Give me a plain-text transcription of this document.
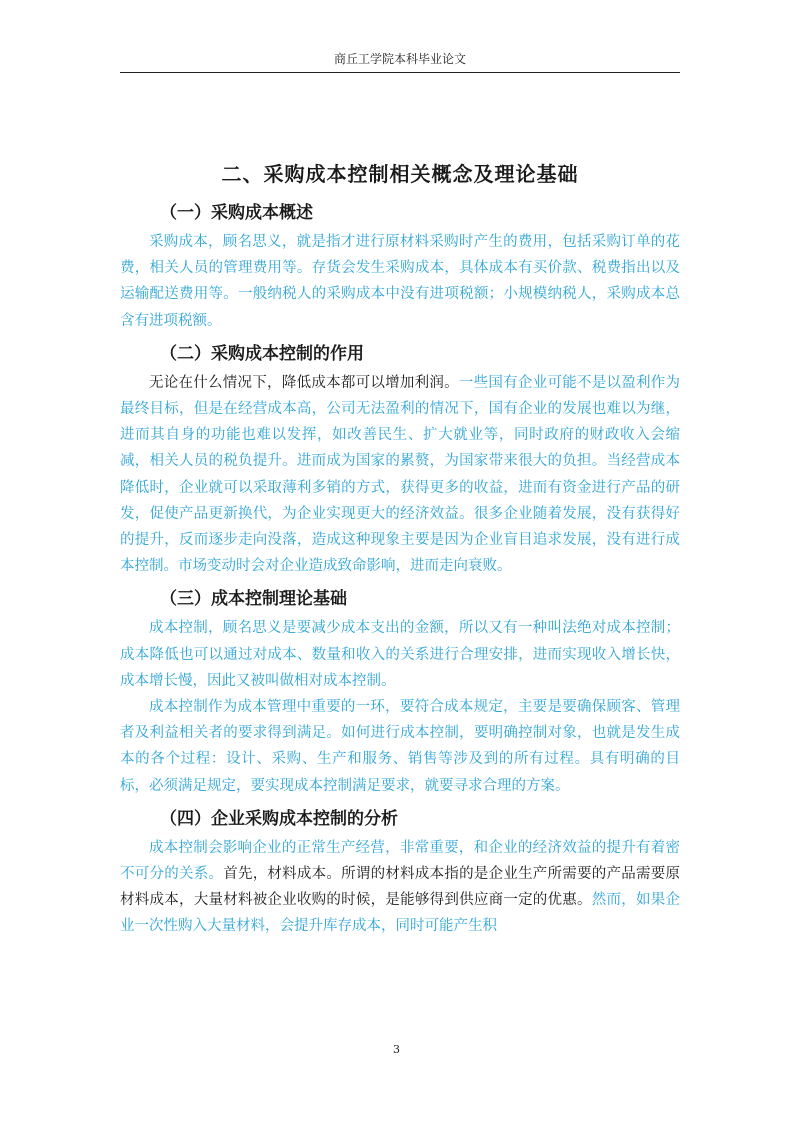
商丘工学院本科毕业论文
二、采购成本控制相关概念及理论基础
（一）采购成本概述

采购成本，顾名思义，就是指才进行原材料采购时产生的费用，包括采购订单的花费，相关人员的管理费用等。存货会发生采购成本，具体成本有买价款、税费指出以及运输配送费用等。一般纳税人的采购成本中没有进项税额；小规模纳税人，采购成本总含有进项税额。

（二）采购成本控制的作用

无论在什么情况下，降低成本都可以增加利润。一些国有企业可能不是以盈利作为最终目标，但是在经营成本高，公司无法盈利的情况下，国有企业的发展也难以为继，进而其自身的功能也难以发挥，如改善民生、扩大就业等，同时政府的财政收入会缩减，相关人员的税负提升。进而成为国家的累赘，为国家带来很大的负担。当经营成本降低时，企业就可以采取薄利多销的方式，获得更多的收益，进而有资金进行产品的研发，促使产品更新换代，为企业实现更大的经济效益。很多企业随着发展，没有获得好的提升，反而逐步走向没落，造成这种现象主要是因为企业盲目追求发展，没有进行成本控制。市场变动时会对企业造成致命影响，进而走向衰败。

（三）成本控制理论基础

成本控制，顾名思义是要减少成本支出的金额，所以又有一种叫法绝对成本控制；成本降低也可以通过对成本、数量和收入的关系进行合理安排，进而实现收入增长快，成本增长慢，因此又被叫做相对成本控制。

成本控制作为成本管理中重要的一环，要符合成本规定，主要是要确保顾客、管理者及利益相关者的要求得到满足。如何进行成本控制，要明确控制对象，也就是发生成本的各个过程：设计、采购、生产和服务、销售等涉及到的所有过程。具有明确的目标，必须满足规定，要实现成本控制满足要求，就要寻求合理的方案。

（四）企业采购成本控制的分析

成本控制会影响企业的正常生产经营，非常重要，和企业的经济效益的提升有着密不可分的关系。首先，材料成本。所谓的材料成本指的是企业生产所需要的产品需要原材料成本，大量材料被企业收购的时候，是能够得到供应商一定的优惠。然而，如果企业一次性购入大量材料，会提升库存成本，同时可能产生积

3
